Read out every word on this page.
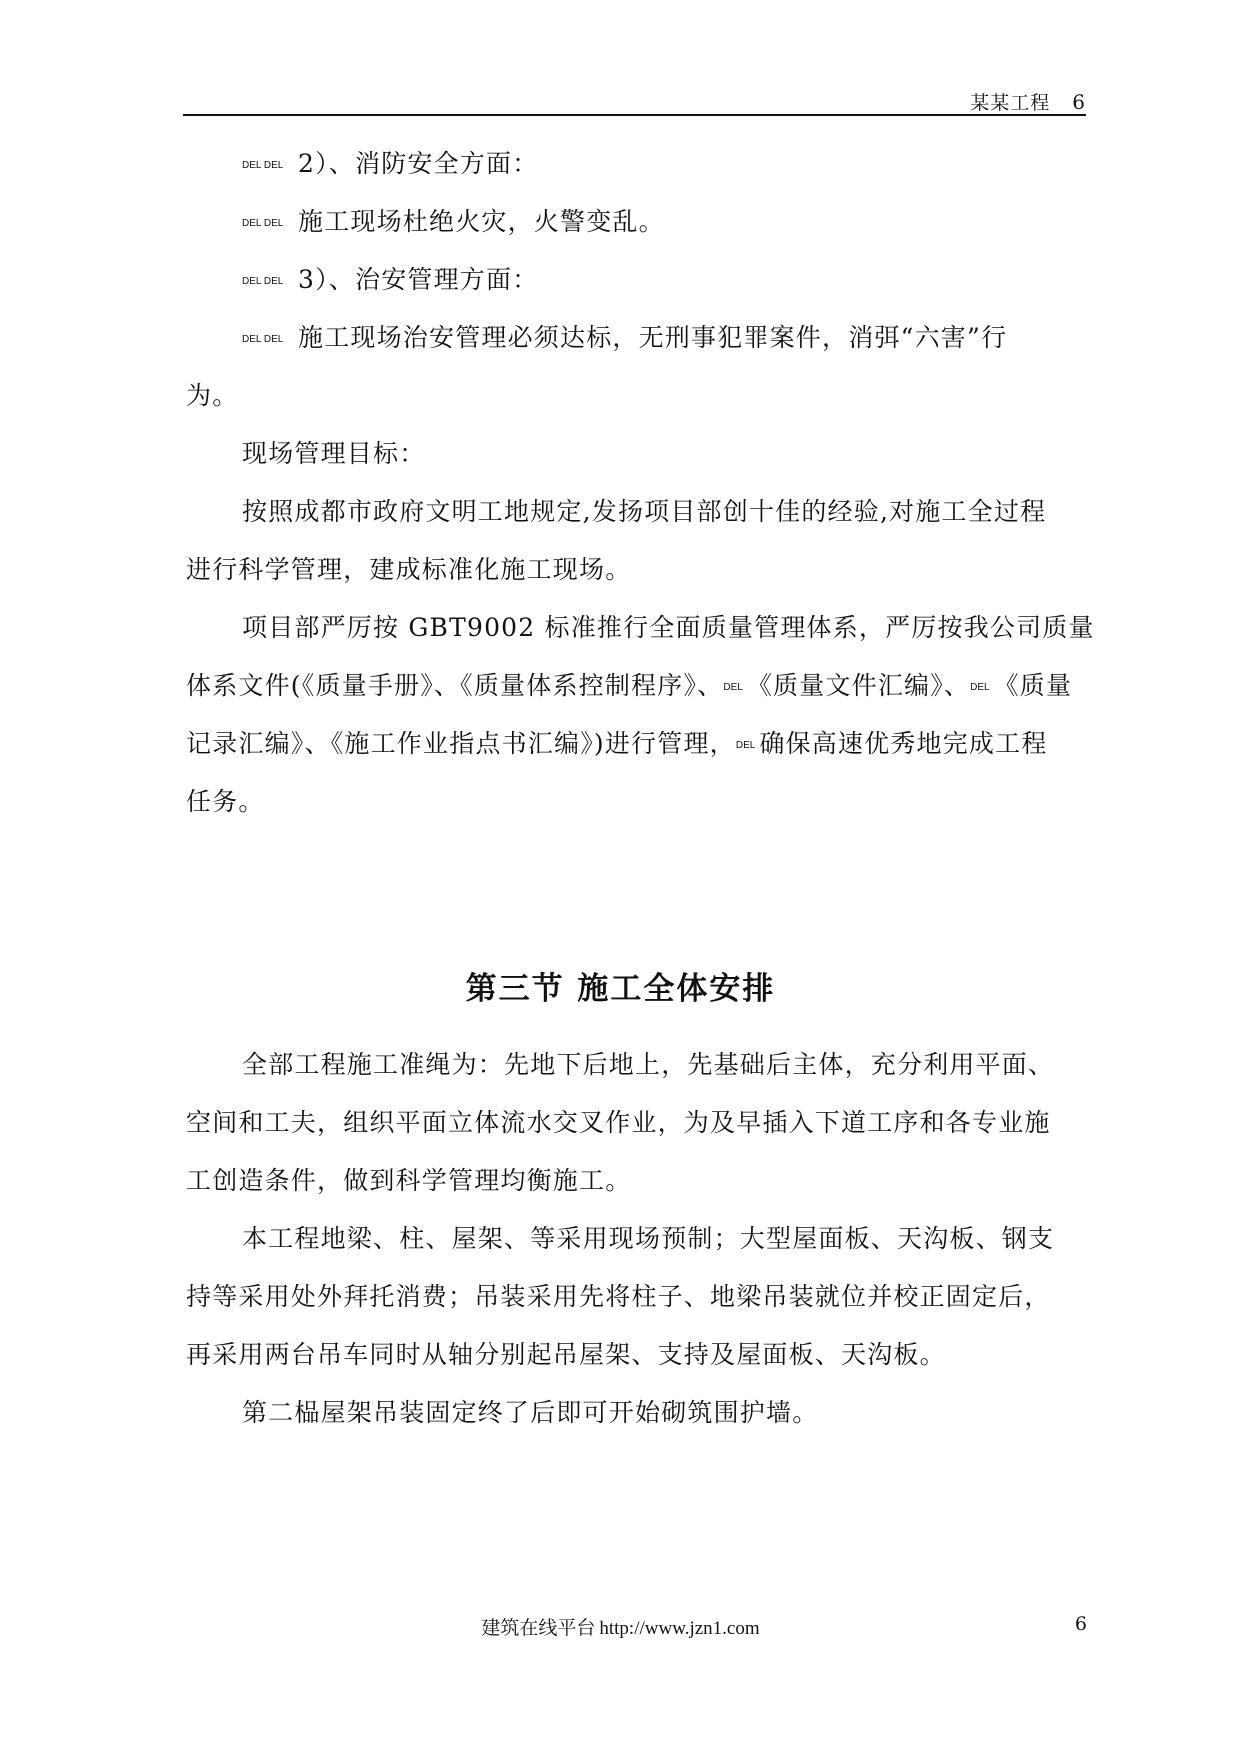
某某工程 6
DEL DEL 2）、消防安全方面：
DEL DEL 施工现场杜绝火灾，火警变乱。
DEL DEL 3）、治安管理方面：
DEL DEL 施工现场治安管理必须达标，无刑事犯罪案件，消弭“六害”行
为。
现场管理目标：
按照成都市政府文明工地规定,发扬项目部创十佳的经验,对施工全过程
进行科学管理，建成标准化施工现场。
项目部严厉按 GBT9002 标准推行全面质量管理体系，严厉按我公司质量
体系文件(《质量手册》、《质量体系控制程序》、DEL 《质量文件汇编》、DEL 《质量
记录汇编》、《施工作业指点书汇编》)进行管理，DEL 确保高速优秀地完成工程
任务。
第三节 施工全体安排
全部工程施工准绳为：先地下后地上，先基础后主体，充分利用平面、
空间和工夫，组织平面立体流水交叉作业，为及早插入下道工序和各专业施
工创造条件，做到科学管理均衡施工。
本工程地梁、柱、屋架、等采用现场预制；大型屋面板、天沟板、钢支
持等采用处外拜托消费；吊装采用先将柱子、地梁吊装就位并校正固定后，
再采用两台吊车同时从轴分别起吊屋架、支持及屋面板、天沟板。
第二榀屋架吊装固定终了后即可开始砌筑围护墙。
建筑在线平台 http://www.jzn1.com	6
